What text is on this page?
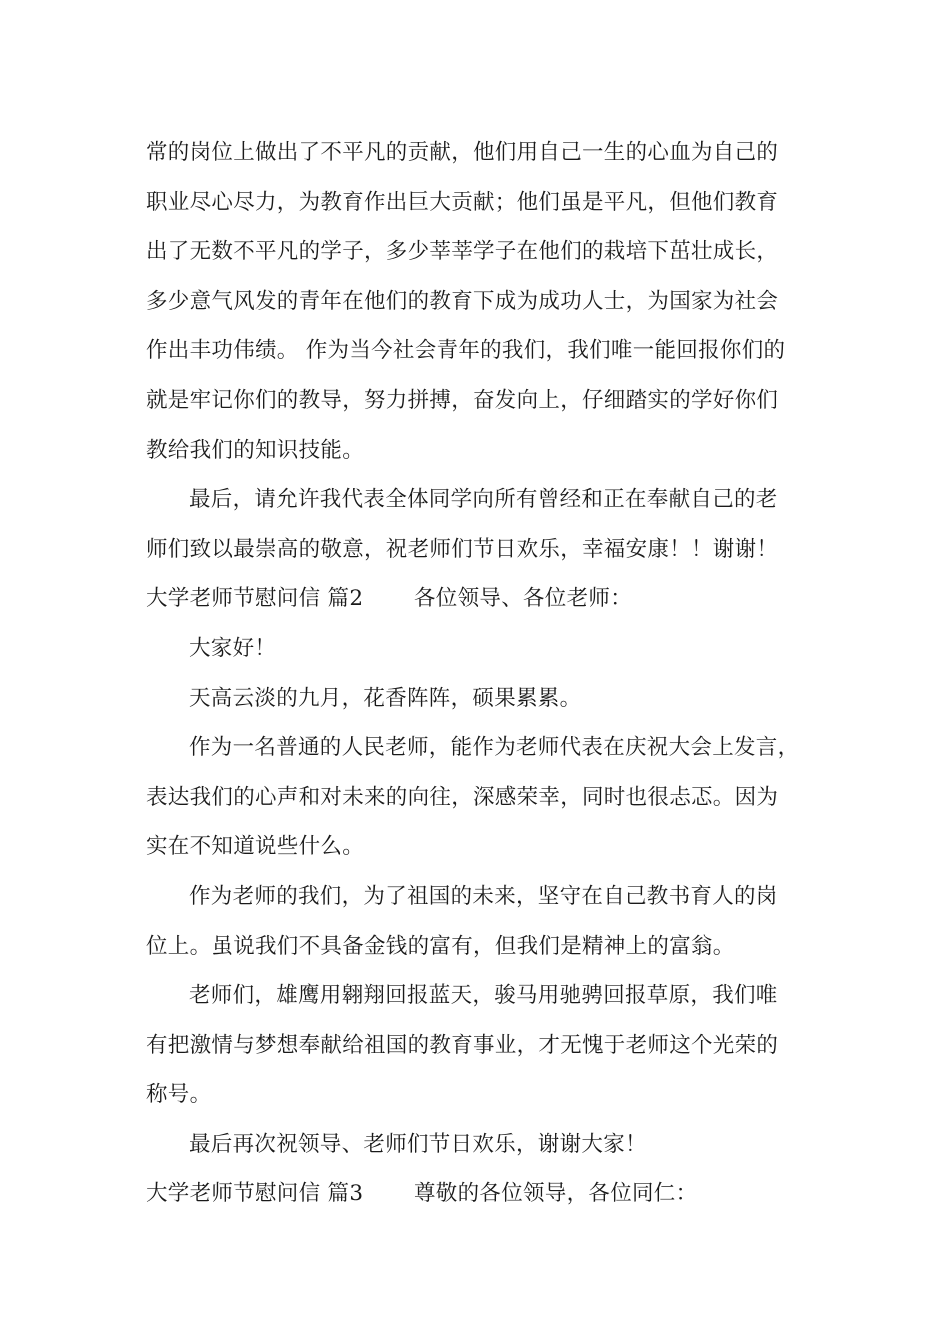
常的岗位上做出了不平凡的贡献，他们用自己一生的心血为自己的
职业尽心尽力，为教育作出巨大贡献；他们虽是平凡，但他们教育
出了无数不平凡的学子，多少莘莘学子在他们的栽培下茁壮成长，
多少意气风发的青年在他们的教育下成为成功人士，为国家为社会
作出丰功伟绩。 作为当今社会青年的我们，我们唯一能回报你们的
就是牢记你们的教导，努力拼搏，奋发向上，仔细踏实的学好你们
教给我们的知识技能。

最后，请允许我代表全体同学向所有曾经和正在奉献自己的老
师们致以最崇高的敬意，祝老师们节日欢乐，幸福安康！！谢谢！

大学老师节慰问信 篇2 各位领导、各位老师：

大家好！

天高云淡的九月，花香阵阵，硕果累累。

作为一名普通的人民老师，能作为老师代表在庆祝大会上发言，
表达我们的心声和对未来的向往，深感荣幸，同时也很忐忑。因为
实在不知道说些什么。

作为老师的我们，为了祖国的未来，坚守在自己教书育人的岗
位上。虽说我们不具备金钱的富有，但我们是精神上的富翁。

老师们，雄鹰用翱翔回报蓝天，骏马用驰骋回报草原，我们唯
有把激情与梦想奉献给祖国的教育事业，才无愧于老师这个光荣的
称号。

最后再次祝领导、老师们节日欢乐，谢谢大家！

大学老师节慰问信 篇3 尊敬的各位领导，各位同仁：
